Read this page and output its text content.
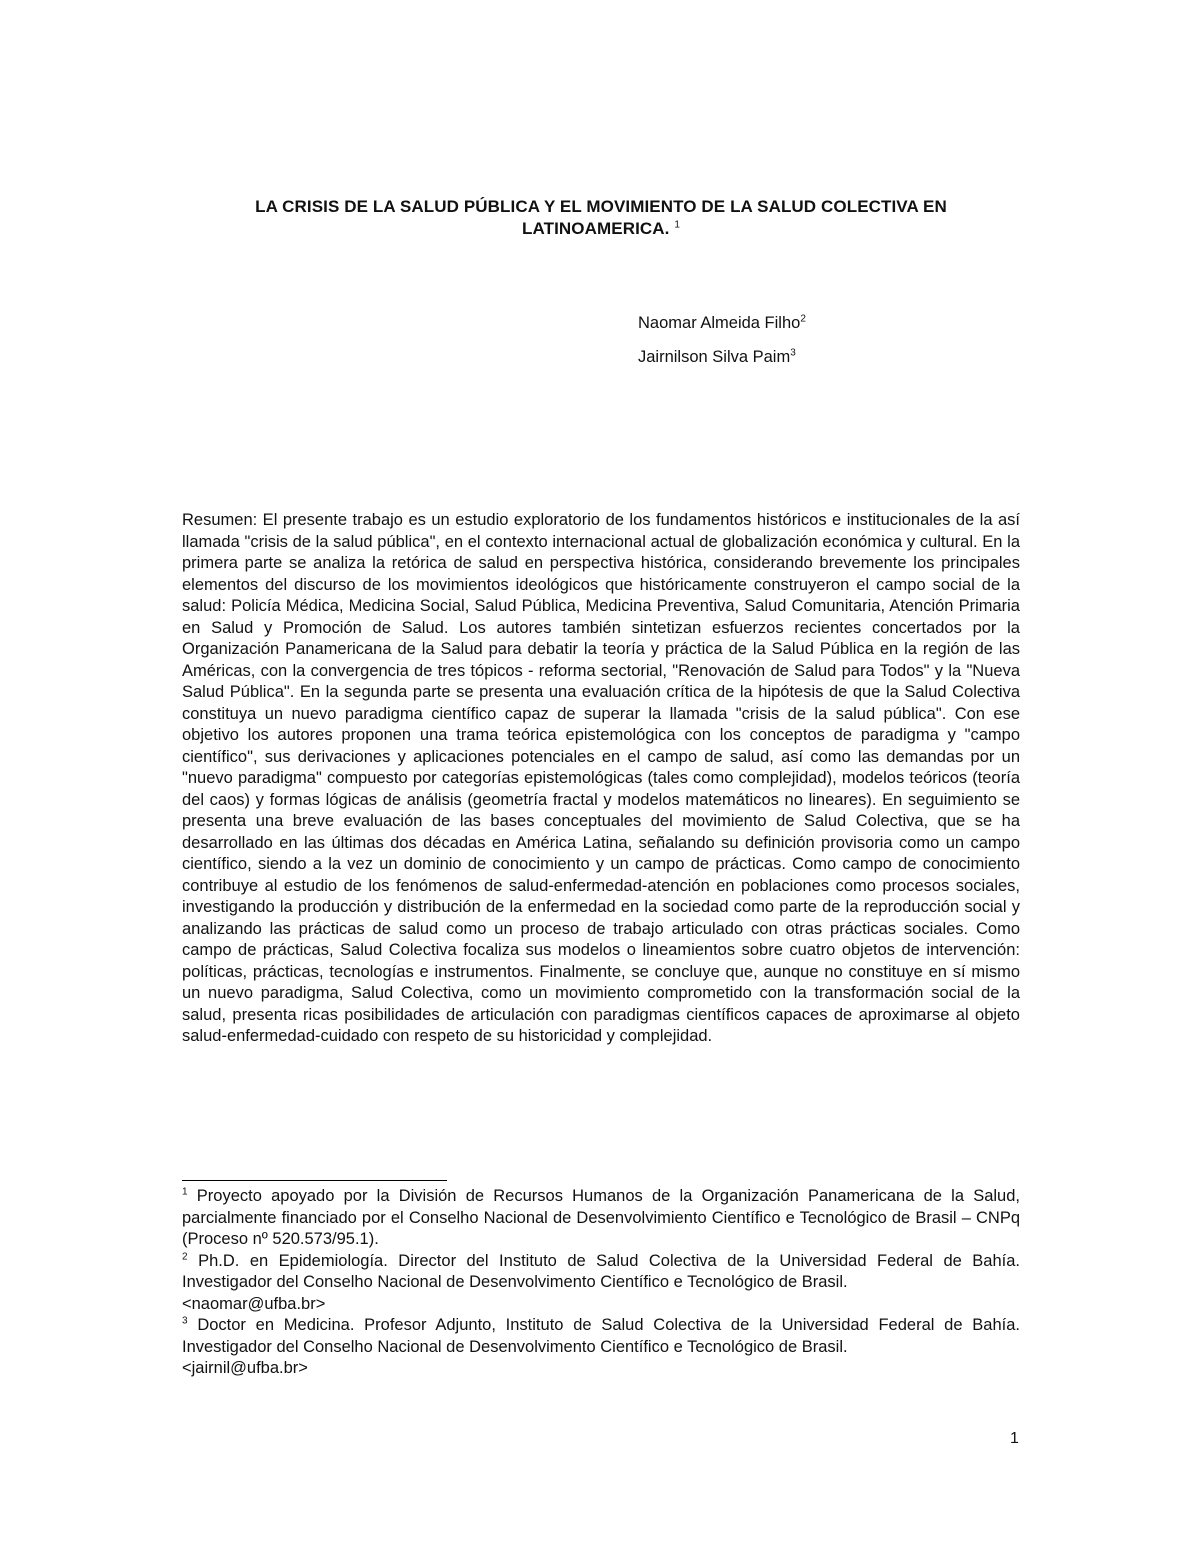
LA CRISIS DE LA SALUD PÚBLICA Y EL MOVIMIENTO DE LA SALUD COLECTIVA EN
LATINOAMERICA. $^1$
Naomar Almeida Filho$^2$
Jairnilson Silva Paim$^3$

Resumen: El presente trabajo es un estudio exploratorio de los fundamentos históricos e institucionales de la así llamada "crisis de la salud pública", en el contexto internacional actual de globalización económica y cultural. En la primera parte se analiza la retórica de salud en perspectiva histórica, considerando brevemente los principales elementos del discurso de los movimientos ideológicos que históricamente construyeron el campo social de la salud: Policía Médica, Medicina Social, Salud Pública, Medicina Preventiva, Salud Comunitaria, Atención Primaria en Salud y Promoción de Salud. Los autores también sintetizan esfuerzos recientes concertados por la Organización Panamericana de la Salud para debatir la teoría y práctica de la Salud Pública en la región de las Américas, con la convergencia de tres tópicos - reforma sectorial, "Renovación de Salud para Todos" y la "Nueva Salud Pública". En la segunda parte se presenta una evaluación crítica de la hipótesis de que la Salud Colectiva constituya un nuevo paradigma científico capaz de superar la llamada "crisis de la salud pública". Con ese objetivo los autores proponen una trama teórica epistemológica con los conceptos de paradigma y "campo científico", sus derivaciones y aplicaciones potenciales en el campo de salud, así como las demandas por un "nuevo paradigma" compuesto por categorías epistemológicas (tales como complejidad), modelos teóricos (teoría del caos) y formas lógicas de análisis (geometría fractal y modelos matemáticos no lineares). En seguimiento se presenta una breve evaluación de las bases conceptuales del movimiento de Salud Colectiva, que se ha desarrollado en las últimas dos décadas en América Latina, señalando su definición provisoria como un campo científico, siendo a la vez un dominio de conocimiento y un campo de prácticas. Como campo de conocimiento contribuye al estudio de los fenómenos de salud-enfermedad-atención en poblaciones como procesos sociales, investigando la producción y distribución de la enfermedad en la sociedad como parte de la reproducción social y analizando las prácticas de salud como un proceso de trabajo articulado con otras prácticas sociales. Como campo de prácticas, Salud Colectiva focaliza sus modelos o lineamientos sobre cuatro objetos de intervención: políticas, prácticas, tecnologías e instrumentos. Finalmente, se concluye que, aunque no constituye en sí mismo un nuevo paradigma, Salud Colectiva, como un movimiento comprometido con la transformación social de la salud, presenta ricas posibilidades de articulación con paradigmas científicos capaces de aproximarse al objeto salud-enfermedad-cuidado con respeto de su historicidad y complejidad.

$^1$ Proyecto apoyado por la División de Recursos Humanos de la Organización Panamericana de la Salud, parcialmente financiado por el Conselho Nacional de Desenvolvimiento Científico e Tecnológico de Brasil – CNPq (Proceso nº 520.573/95.1).

$^2$ Ph.D. en Epidemiología. Director del Instituto de Salud Colectiva de la Universidad Federal de Bahía. Investigador del Conselho Nacional de Desenvolvimento Científico e Tecnológico de Brasil.
<naomar@ufba.br>

$^3$ Doctor en Medicina. Profesor Adjunto, Instituto de Salud Colectiva de la Universidad Federal de Bahía. Investigador del Conselho Nacional de Desenvolvimento Científico e Tecnológico de Brasil.
<jairnil@ufba.br>

1
